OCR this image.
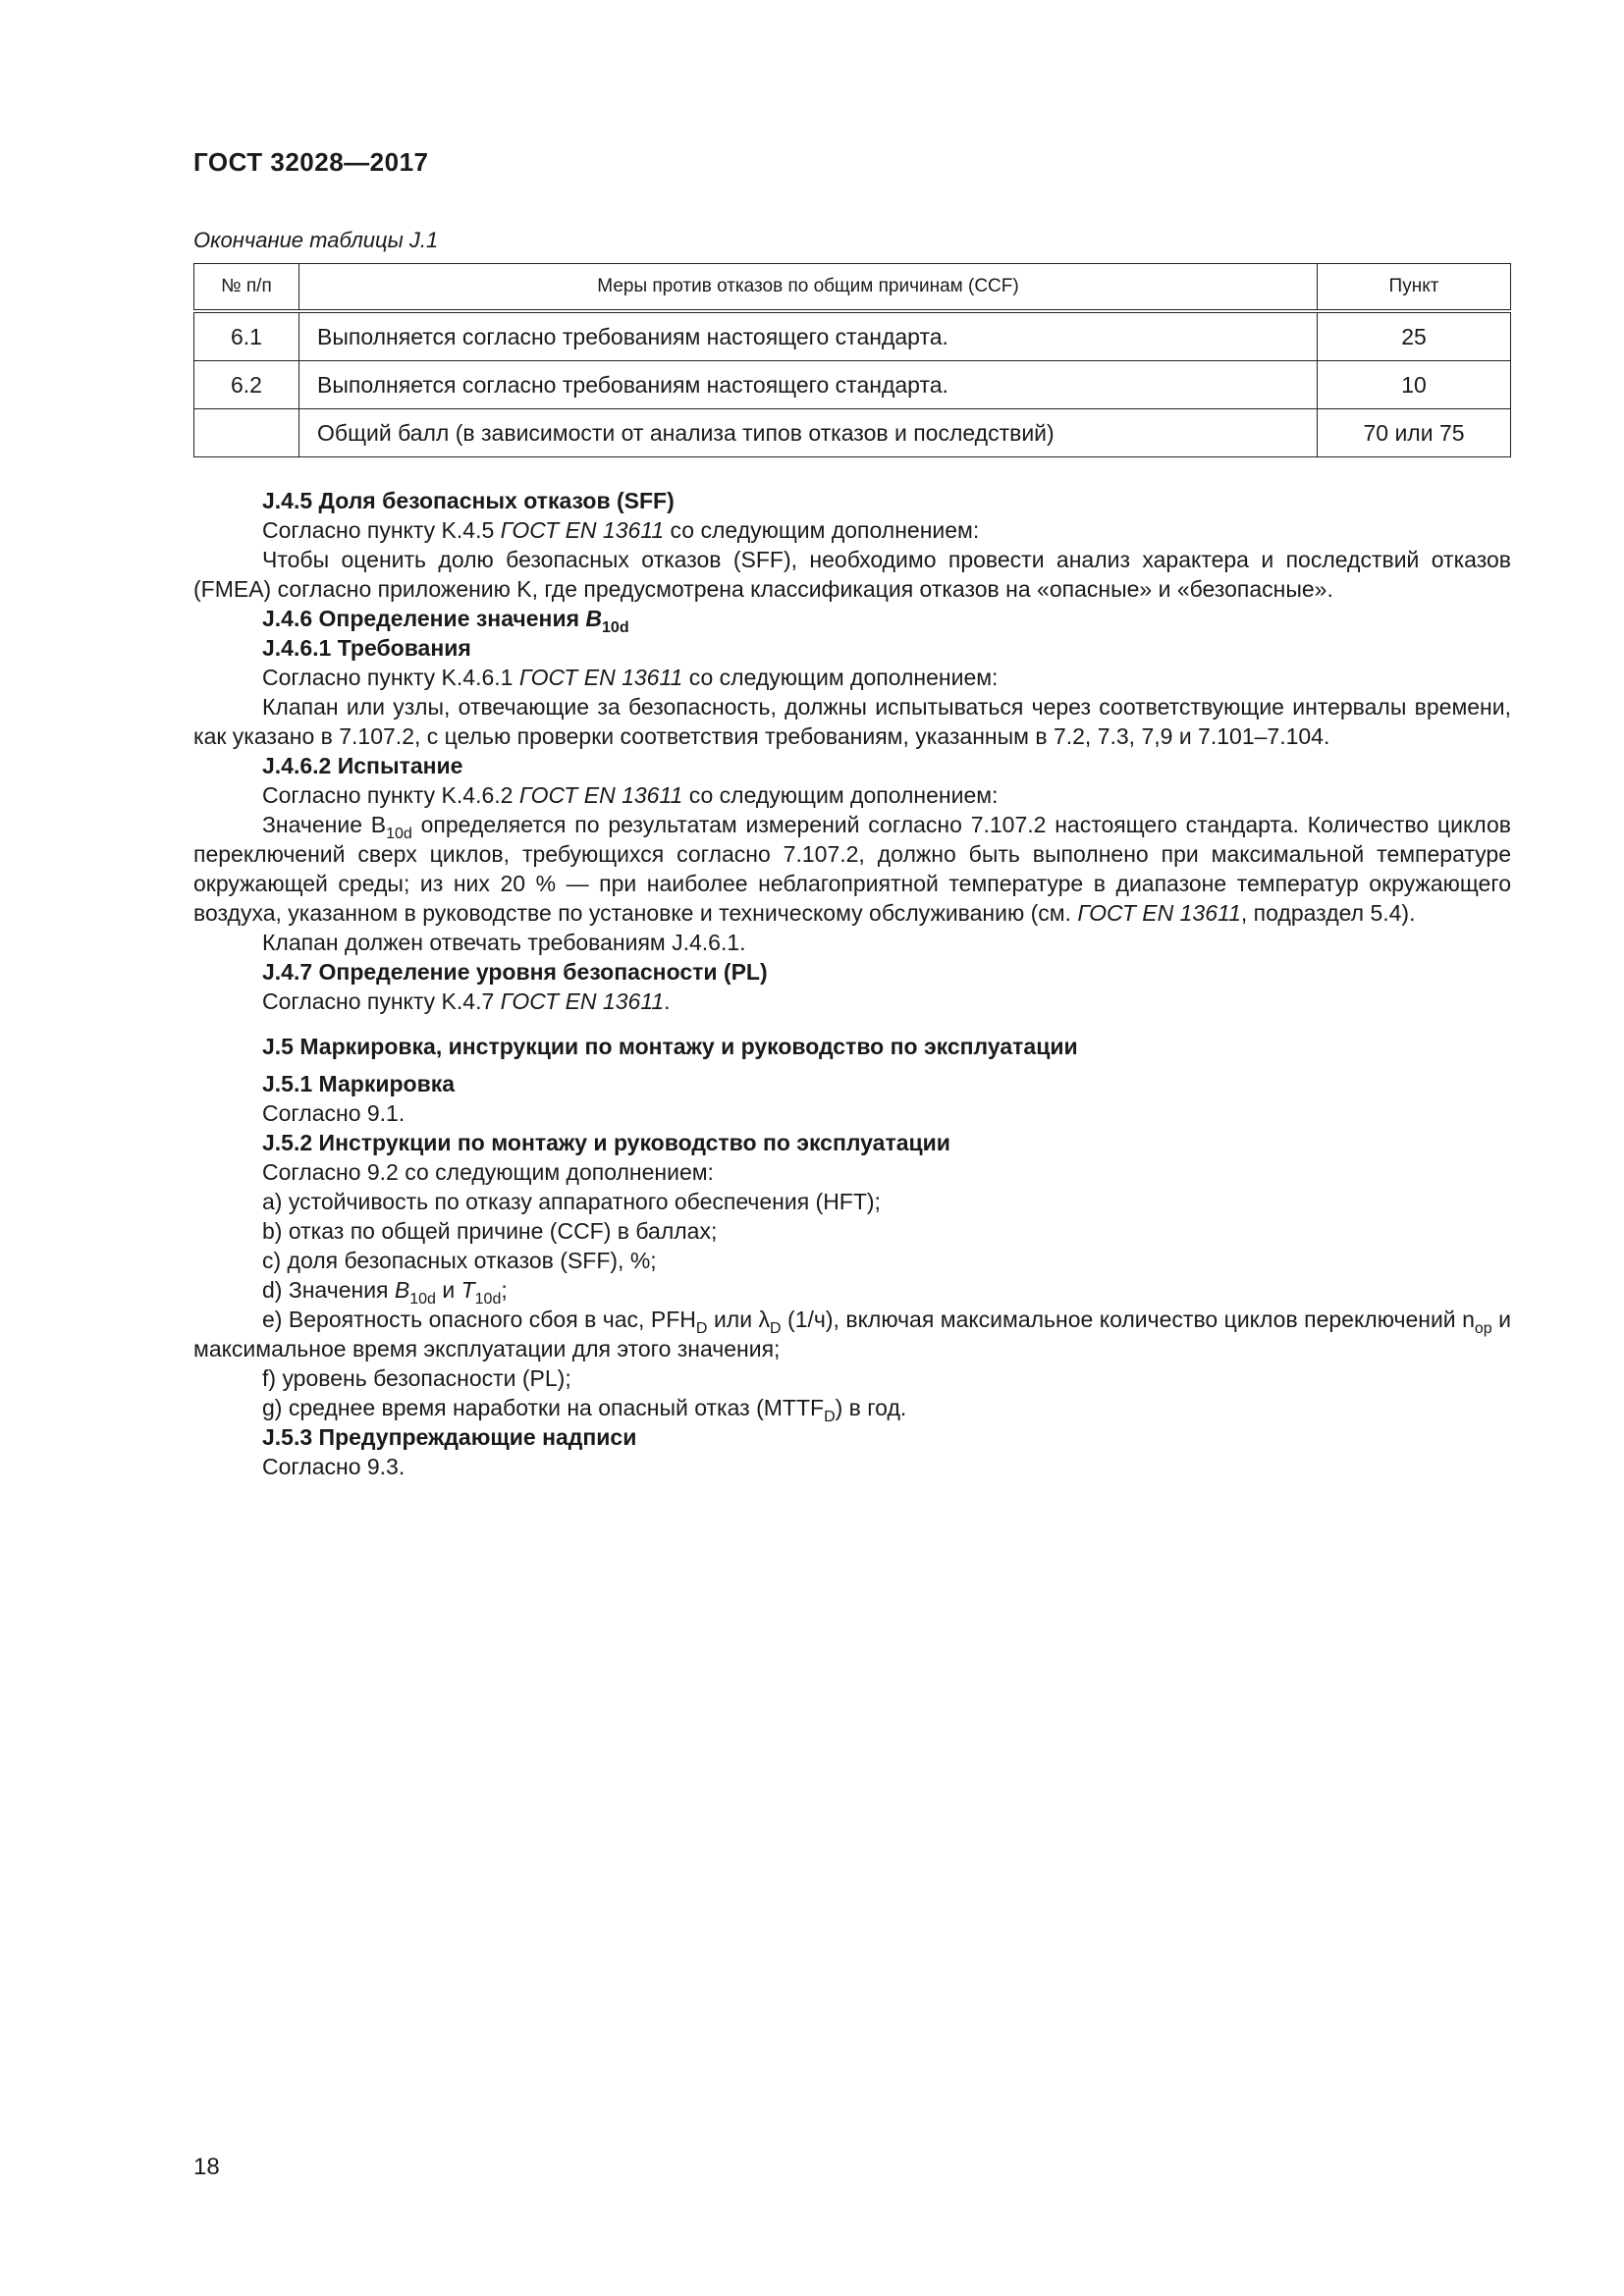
ГОСТ 32028—2017
Окончание таблицы J.1
№ п/п	Меры против отказов по общим причинам (CCF)	Пункт
6.1	Выполняется согласно требованиям настоящего стандарта.	25
6.2	Выполняется согласно требованиям настоящего стандарта.	10
	Общий балл (в зависимости от анализа типов отказов и последствий)	70 или 75

J.4.5 Доля безопасных отказов (SFF)

Согласно пункту K.4.5 ГОСТ EN 13611 со следующим дополнением:

Чтобы оценить долю безопасных отказов (SFF), необходимо провести анализ характера и последствий отказов (FMEA) согласно приложению K, где предусмотрена классификация отказов на «опасные» и «безопасные».

J.4.6 Определение значения $B_{10d}$

J.4.6.1 Требования

Согласно пункту K.4.6.1 ГОСТ EN 13611 со следующим дополнением:

Клапан или узлы, отвечающие за безопасность, должны испытываться через соответствующие интервалы времени, как указано в 7.107.2, с целью проверки соответствия требованиям, указанным в 7.2, 7.3, 7,9 и 7.101–7.104.

J.4.6.2 Испытание

Согласно пункту K.4.6.2 ГОСТ EN 13611 со следующим дополнением:

Значение $B_{10d}$ определяется по результатам измерений согласно 7.107.2 настоящего стандарта. Количество циклов переключений сверх циклов, требующихся согласно 7.107.2, должно быть выполнено при максимальной температуре окружающей среды; из них 20 % — при наиболее неблагоприятной температуре в диапазоне температур окружающего воздуха, указанном в руководстве по установке и техническому обслуживанию (см. ГОСТ EN 13611, подраздел 5.4).

Клапан должен отвечать требованиям J.4.6.1.

J.4.7 Определение уровня безопасности (PL)

Согласно пункту K.4.7 ГОСТ EN 13611.

J.5 Маркировка, инструкции по монтажу и руководство по эксплуатации

J.5.1 Маркировка

Согласно 9.1.

J.5.2 Инструкции по монтажу и руководство по эксплуатации

Согласно 9.2 со следующим дополнением:

a) устойчивость по отказу аппаратного обеспечения (HFT);

b) отказ по общей причине (CCF) в баллах;

c) доля безопасных отказов (SFF), %;

d) Значения $B_{10d}$ и $T_{10d}$;

e) Вероятность опасного сбоя в час, $PFH_D$ или $\lambda_D$ (1/ч), включая максимальное количество циклов переключений $n_{op}$ и максимальное время эксплуатации для этого значения;

f) уровень безопасности (PL);

g) среднее время наработки на опасный отказ $(MTTF_D)$ в год.

J.5.3 Предупреждающие надписи

Согласно 9.3.

18
